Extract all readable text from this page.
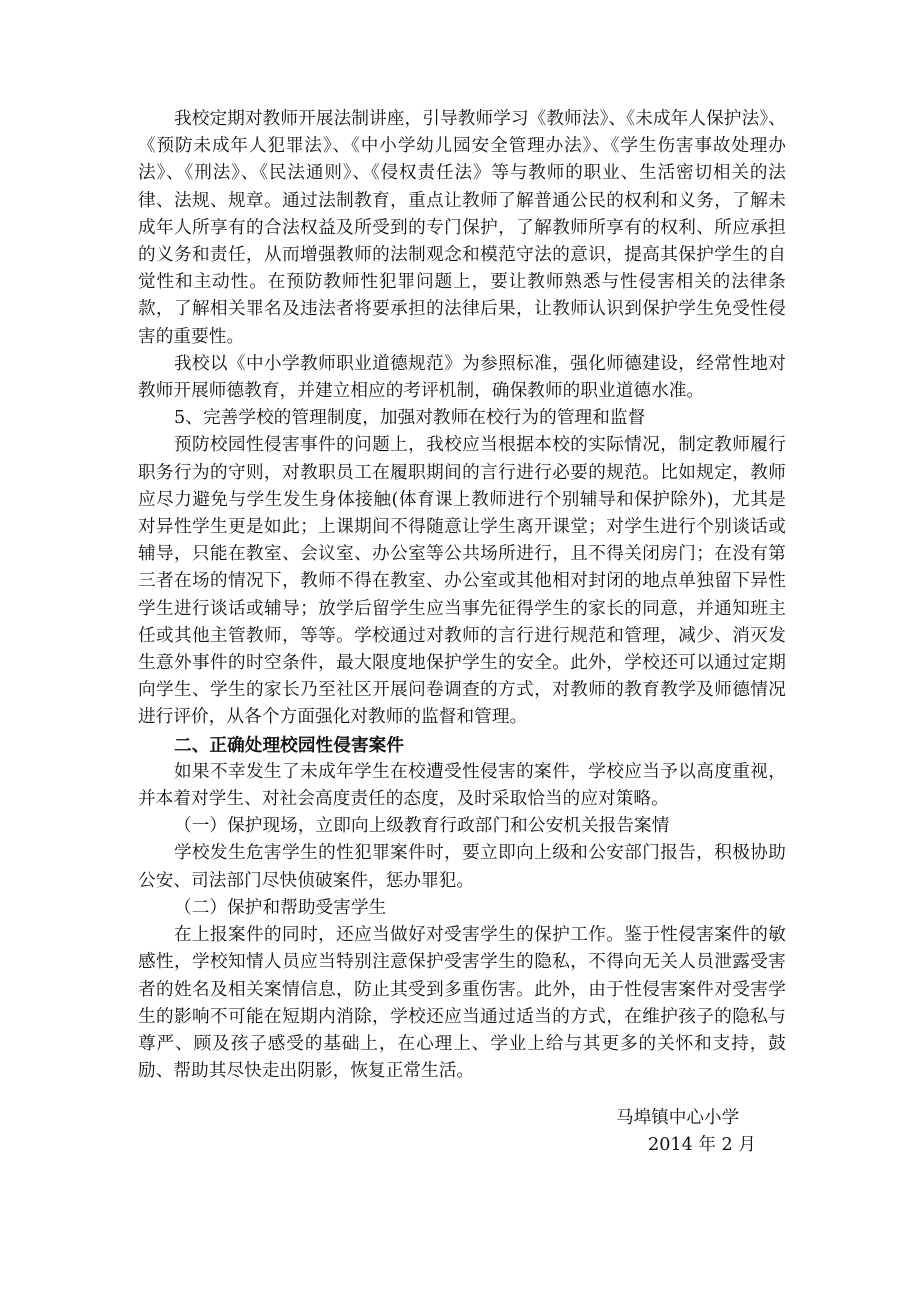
我校定期对教师开展法制讲座，引导教师学习《教师法》、《未成年人保护法》、《预防未成年人犯罪法》、《中小学幼儿园安全管理办法》、《学生伤害事故处理办法》、《刑法》、《民法通则》、《侵权责任法》等与教师的职业、生活密切相关的法律、法规、规章。通过法制教育，重点让教师了解普通公民的权利和义务，了解未成年人所享有的合法权益及所受到的专门保护，了解教师所享有的权利、所应承担的义务和责任，从而增强教师的法制观念和模范守法的意识，提高其保护学生的自觉性和主动性。在预防教师性犯罪问题上，要让教师熟悉与性侵害相关的法律条款，了解相关罪名及违法者将要承担的法律后果，让教师认识到保护学生免受性侵害的重要性。

我校以《中小学教师职业道德规范》为参照标准，强化师德建设，经常性地对教师开展师德教育，并建立相应的考评机制，确保教师的职业道德水准。

5、完善学校的管理制度，加强对教师在校行为的管理和监督

预防校园性侵害事件的问题上，我校应当根据本校的实际情况，制定教师履行职务行为的守则，对教职员工在履职期间的言行进行必要的规范。比如规定，教师应尽力避免与学生发生身体接触(体育课上教师进行个别辅导和保护除外)，尤其是对异性学生更是如此；上课期间不得随意让学生离开课堂；对学生进行个别谈话或辅导，只能在教室、会议室、办公室等公共场所进行，且不得关闭房门；在没有第三者在场的情况下，教师不得在教室、办公室或其他相对封闭的地点单独留下异性学生进行谈话或辅导；放学后留学生应当事先征得学生的家长的同意，并通知班主任或其他主管教师，等等。学校通过对教师的言行进行规范和管理，减少、消灭发生意外事件的时空条件，最大限度地保护学生的安全。此外，学校还可以通过定期向学生、学生的家长乃至社区开展问卷调查的方式，对教师的教育教学及师德情况进行评价，从各个方面强化对教师的监督和管理。

二、正确处理校园性侵害案件

如果不幸发生了未成年学生在校遭受性侵害的案件，学校应当予以高度重视，并本着对学生、对社会高度责任的态度，及时采取恰当的应对策略。

（一）保护现场，立即向上级教育行政部门和公安机关报告案情

学校发生危害学生的性犯罪案件时，要立即向上级和公安部门报告，积极协助公安、司法部门尽快侦破案件，惩办罪犯。

（二）保护和帮助受害学生

在上报案件的同时，还应当做好对受害学生的保护工作。鉴于性侵害案件的敏感性，学校知情人员应当特别注意保护受害学生的隐私，不得向无关人员泄露受害者的姓名及相关案情信息，防止其受到多重伤害。此外，由于性侵害案件对受害学生的影响不可能在短期内消除，学校还应当通过适当的方式，在维护孩子的隐私与尊严、顾及孩子感受的基础上，在心理上、学业上给与其更多的关怀和支持，鼓励、帮助其尽快走出阴影，恢复正常生活。

马埠镇中心小学
2014 年 2 月
